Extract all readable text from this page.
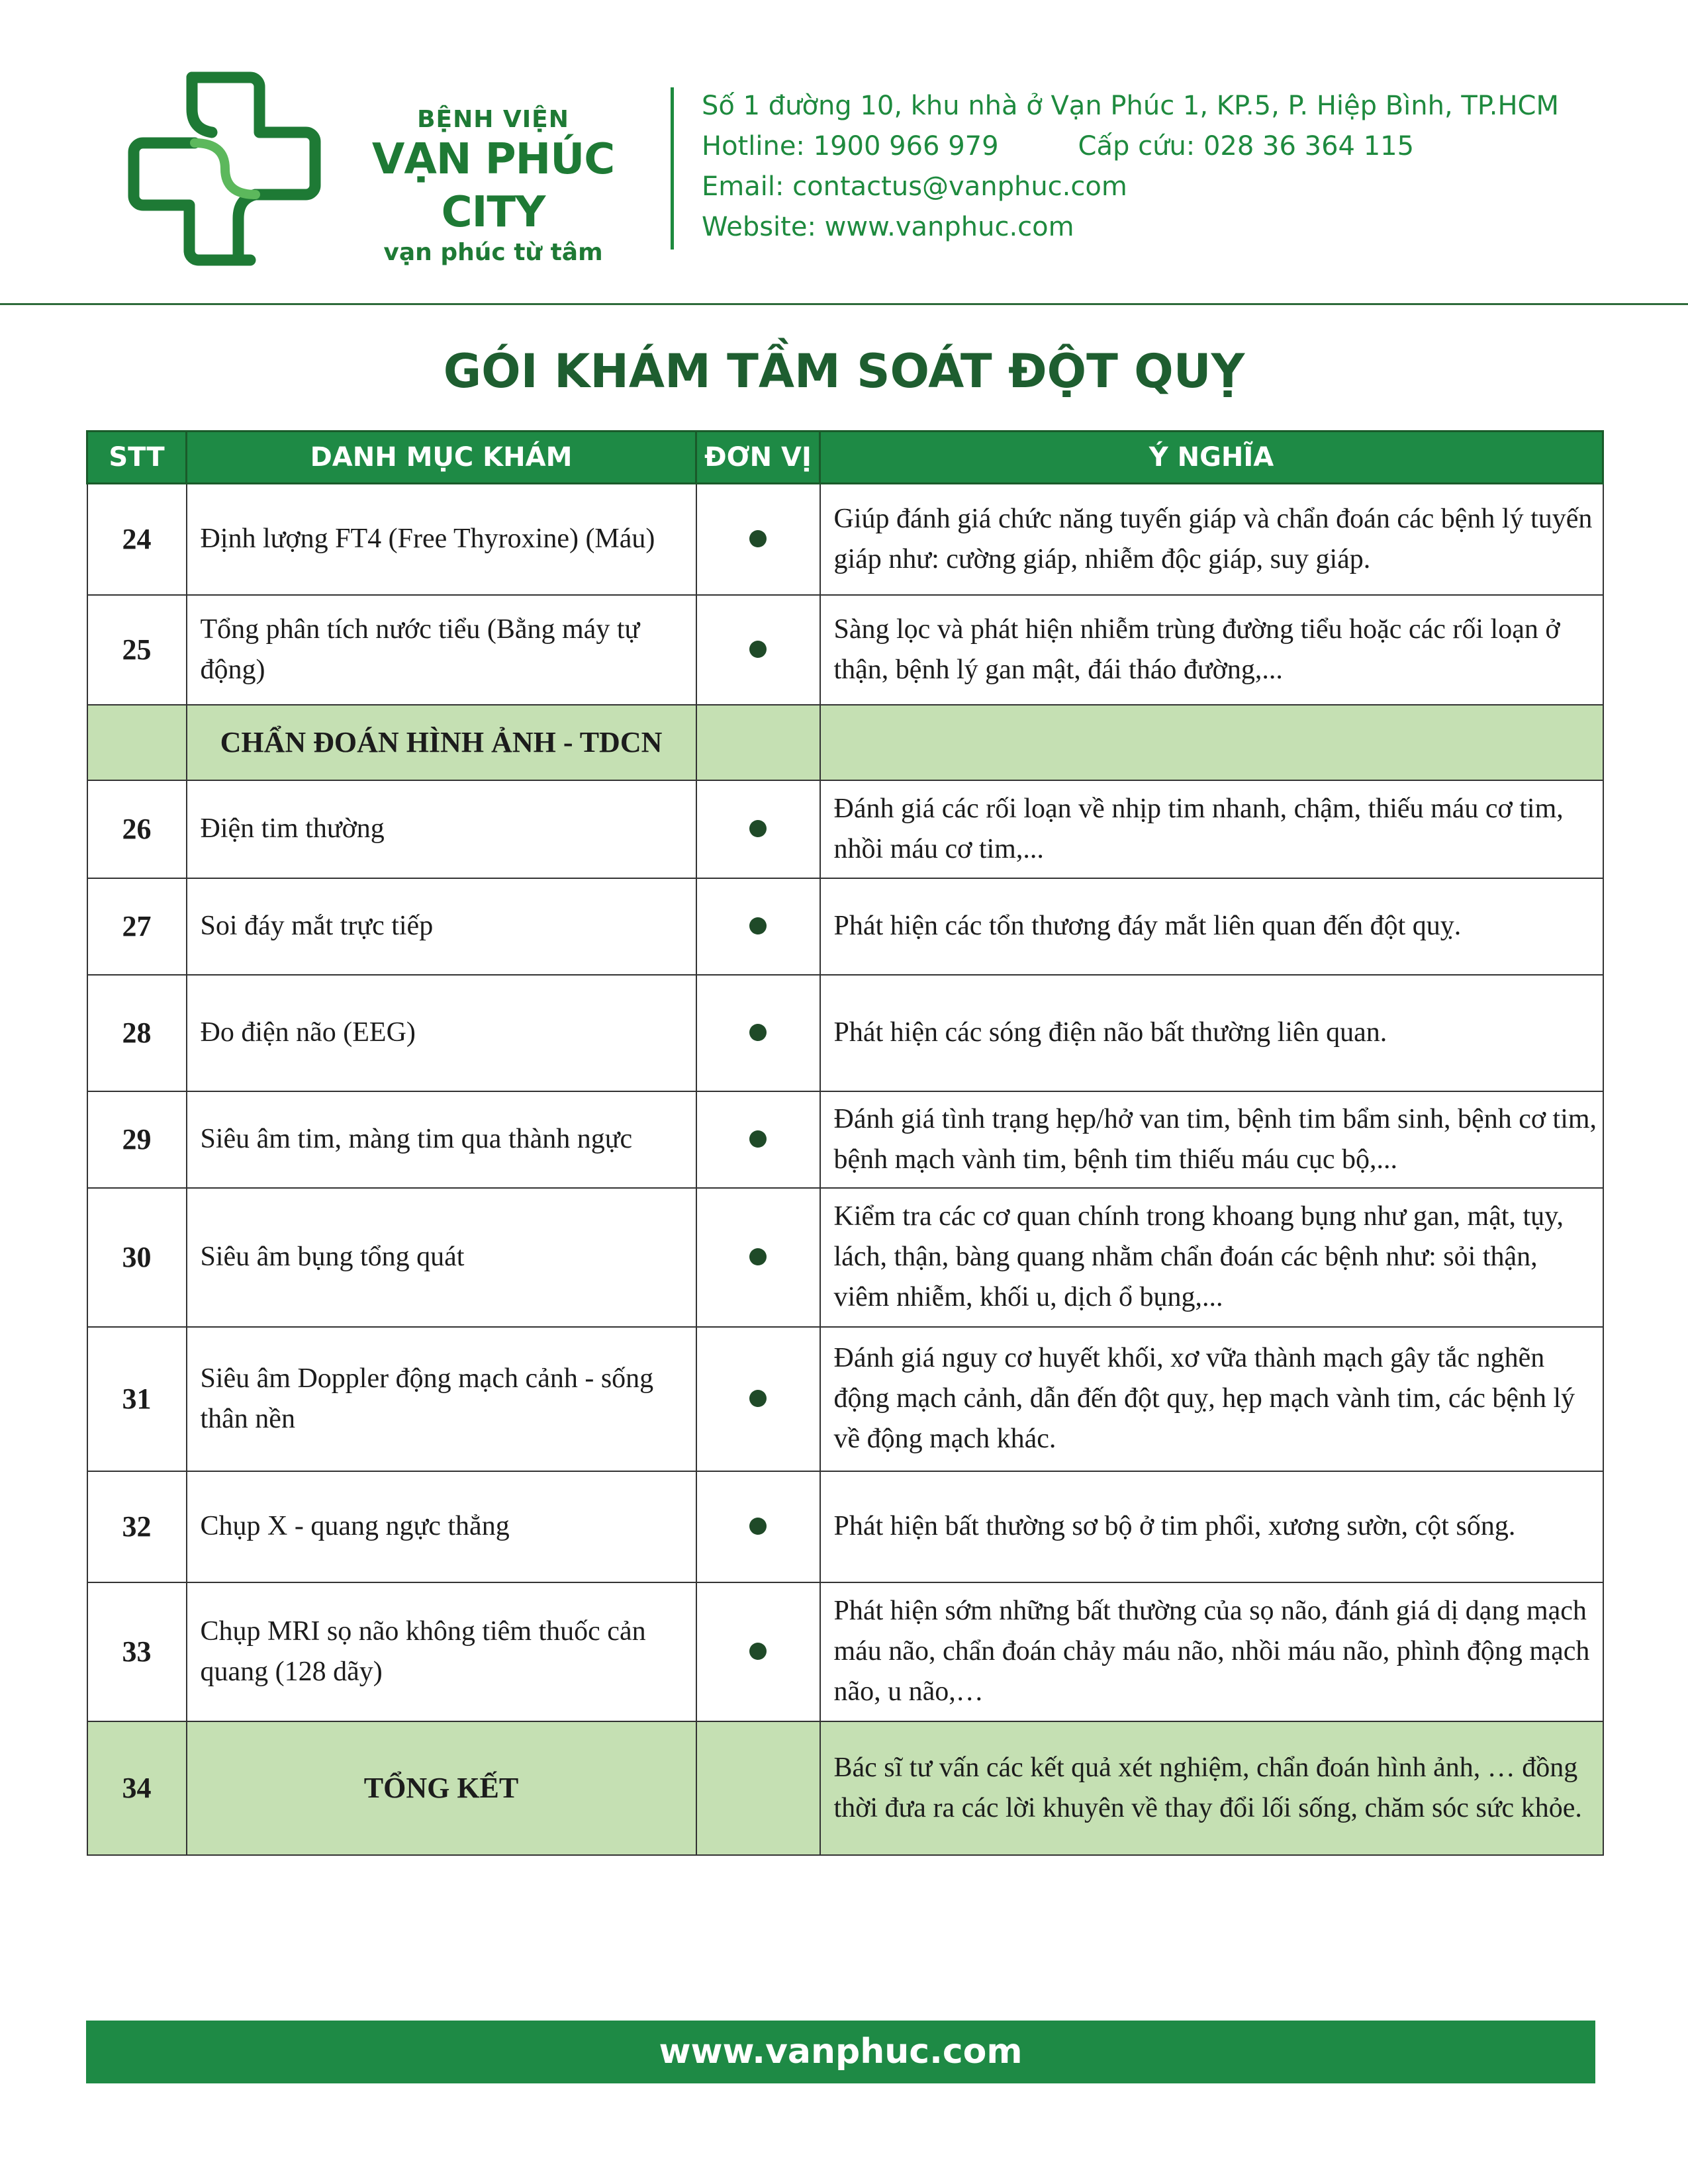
BỆNH VIỆN
VẠN PHÚC CITY
vạn phúc từ tâm
Số 1 đường 10, khu nhà ở Vạn Phúc 1, KP.5, P. Hiệp Bình, TP.HCM
Hotline: 1900 966 979	Cấp cứu: 028 36 364 115
Email: contactus@vanphuc.com
Website: www.vanphuc.com
GÓI KHÁM TẦM SOÁT ĐỘT QUỴ
STT	DANH MỤC KHÁM	ĐƠN VỊ	Ý NGHĨA
24	Định lượng FT4 (Free Thyroxine) (Máu)		Giúp đánh giá chức năng tuyến giáp và chẩn đoán các bệnh lý tuyến giáp như: cường giáp, nhiễm độc giáp, suy giáp.
25	Tổng phân tích nước tiểu (Bằng máy tự động)		Sàng lọc và phát hiện nhiễm trùng đường tiểu hoặc các rối loạn ở thận, bệnh lý gan mật, đái tháo đường,...
	CHẨN ĐOÁN HÌNH ẢNH - TDCN		
26	Điện tim thường		Đánh giá các rối loạn về nhịp tim nhanh, chậm, thiếu máu cơ tim, nhồi máu cơ tim,...
27	Soi đáy mắt trực tiếp		Phát hiện các tổn thương đáy mắt liên quan đến đột quỵ.
28	Đo điện não (EEG)		Phát hiện các sóng điện não bất thường liên quan.
29	Siêu âm tim, màng tim qua thành ngực		Đánh giá tình trạng hẹp/hở van tim, bệnh tim bẩm sinh, bệnh cơ tim, bệnh mạch vành tim, bệnh tim thiếu máu cục bộ,...
30	Siêu âm bụng tổng quát		Kiểm tra các cơ quan chính trong khoang bụng như gan, mật, tụy, lách, thận, bàng quang nhằm chẩn đoán các bệnh như: sỏi thận, viêm nhiễm, khối u, dịch ổ bụng,...
31	Siêu âm Doppler động mạch cảnh - sống thân nền		Đánh giá nguy cơ huyết khối, xơ vữa thành mạch gây tắc nghẽn động mạch cảnh, dẫn đến đột quỵ, hẹp mạch vành tim, các bệnh lý về động mạch khác.
32	Chụp X - quang ngực thẳng		Phát hiện bất thường sơ bộ ở tim phổi, xương sườn, cột sống.
33	Chụp MRI sọ não không tiêm thuốc cản quang (128 dãy)		Phát hiện sớm những bất thường của sọ não, đánh giá dị dạng mạch máu não, chẩn đoán chảy máu não, nhồi máu não, phình động mạch não, u não,…
34	TỔNG KẾT		Bác sĩ tư vấn các kết quả xét nghiệm, chẩn đoán hình ảnh, … đồng thời đưa ra các lời khuyên về thay đổi lối sống, chăm sóc sức khỏe.
www.vanphuc.com
